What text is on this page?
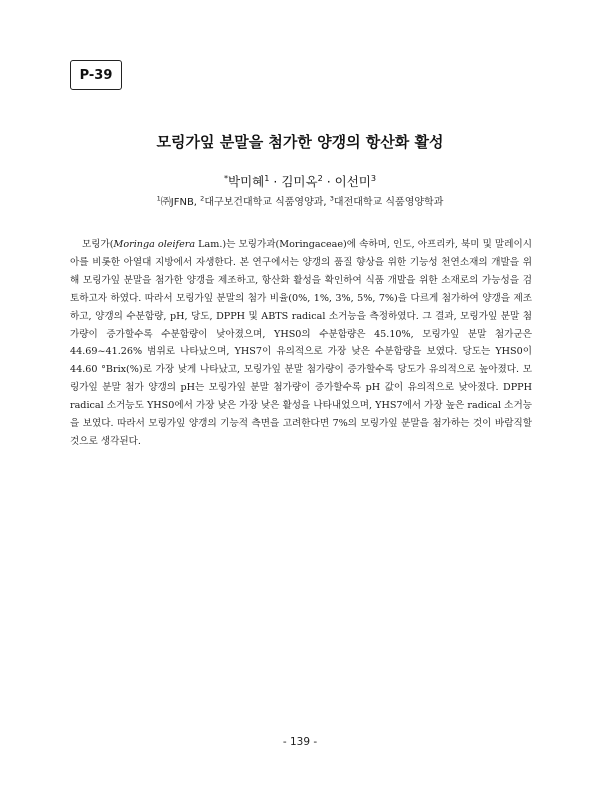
P-39
모링가잎 분말을 첨가한 양갱의 항산화 활성
*박미혜$^1$ · 김미옥$^2$ · 이선미$^3$
$^1$㈜JFNB, $^2$대구보건대학교 식품영양과, $^3$대전대학교 식품영양학과
모링가(Moringa oleifera Lam.)는 모링가과(Moringaceae)에 속하며, 인도, 아프리카, 북미 및 말레이시아를 비롯한 아열대 지방에서 자생한다. 본 연구에서는 양갱의 품질 향상을 위한 기능성 천연소재의 개발을 위해 모링가잎 분말을 첨가한 양갱을 제조하고, 항산화 활성을 확인하여 식품 개발을 위한 소재로의 가능성을 검토하고자 하였다. 따라서 모링가잎 분말의 첨가 비율(0%, 1%, 3%, 5%, 7%)을 다르게 첨가하여 양갱을 제조하고, 양갱의 수분함량, pH, 당도, DPPH 및 ABTS radical 소거능을 측정하였다. 그 결과, 모링가잎 분말 첨가량이 증가할수록 수분함량이 낮아졌으며, YHS0의 수분함량은 45.10%, 모링가잎 분말 첨가군은 44.69~41.26% 범위로 나타났으며, YHS7이 유의적으로 가장 낮은 수분함량을 보였다. 당도는 YHS0이 44.60 °Brix(%)로 가장 낮게 나타났고, 모링가잎 분말 첨가량이 증가할수록 당도가 유의적으로 높아졌다. 모링가잎 분말 첨가 양갱의 pH는 모링가잎 분말 첨가량이 증가할수록 pH 값이 유의적으로 낮아졌다. DPPH radical 소거능도 YHS0에서 가장 낮은 가장 낮은 활성을 나타내었으며, YHS7에서 가장 높은 radical 소거능을 보였다. 따라서 모링가잎 양갱의 기능적 측면을 고려한다면 7%의 모링가잎 분말을 첨가하는 것이 바람직할 것으로 생각된다.
- 139 -
